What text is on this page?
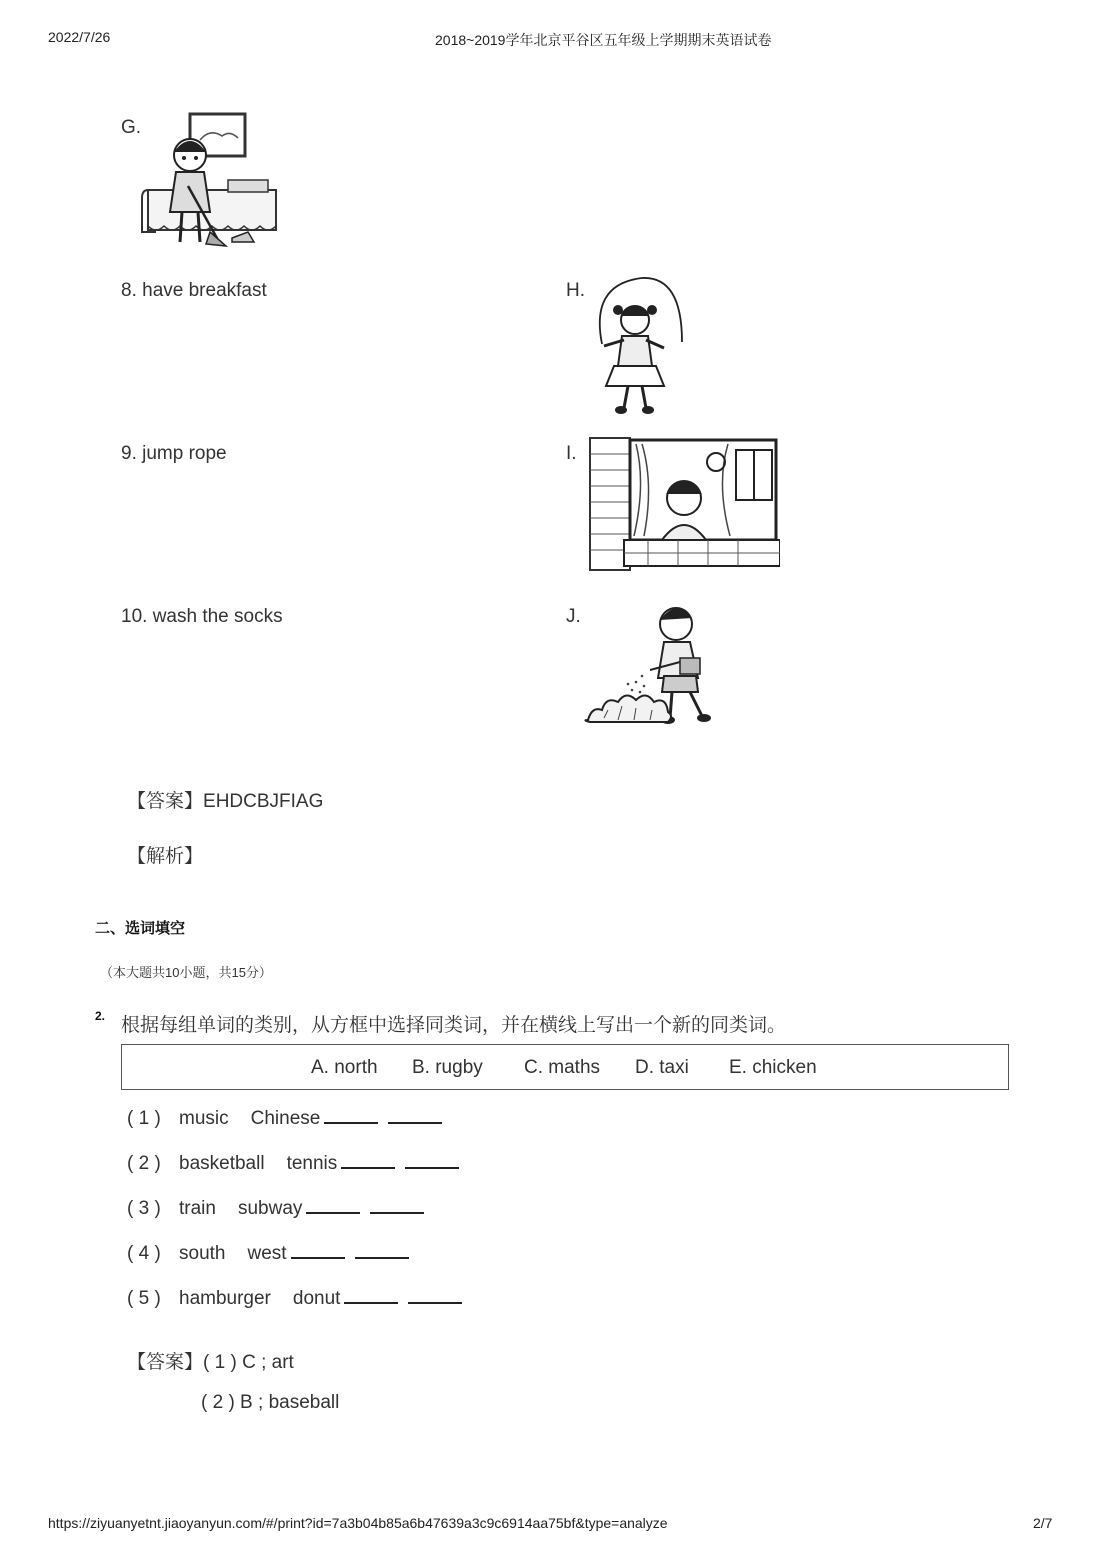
2022/7/26	2018~2019学年北京平谷区五年级上学期期末英语试卷
G.
8. have breakfast	H.
9. jump rope	I.
10. wash the socks	J.
【答案】EHDCBJFIAG
【解析】
二、选词填空
（本大题共10小题，共15分）
2. 根据每组单词的类别，从方框中选择同类词，并在横线上写出一个新的同类词。
A. north B. rugby C. maths D. taxi E. chicken
( 1 ) music Chinese
( 2 ) basketball tennis
( 3 ) train subway
( 4 ) south west
( 5 ) hamburger donut
【答案】( 1 ) C ; art
( 2 ) B ; baseball
https://ziyuanyetnt.jiaoyanyun.com/#/print?id=7a3b04b85a6b47639a3c9c6914aa75bf&type=analyze	2/7
